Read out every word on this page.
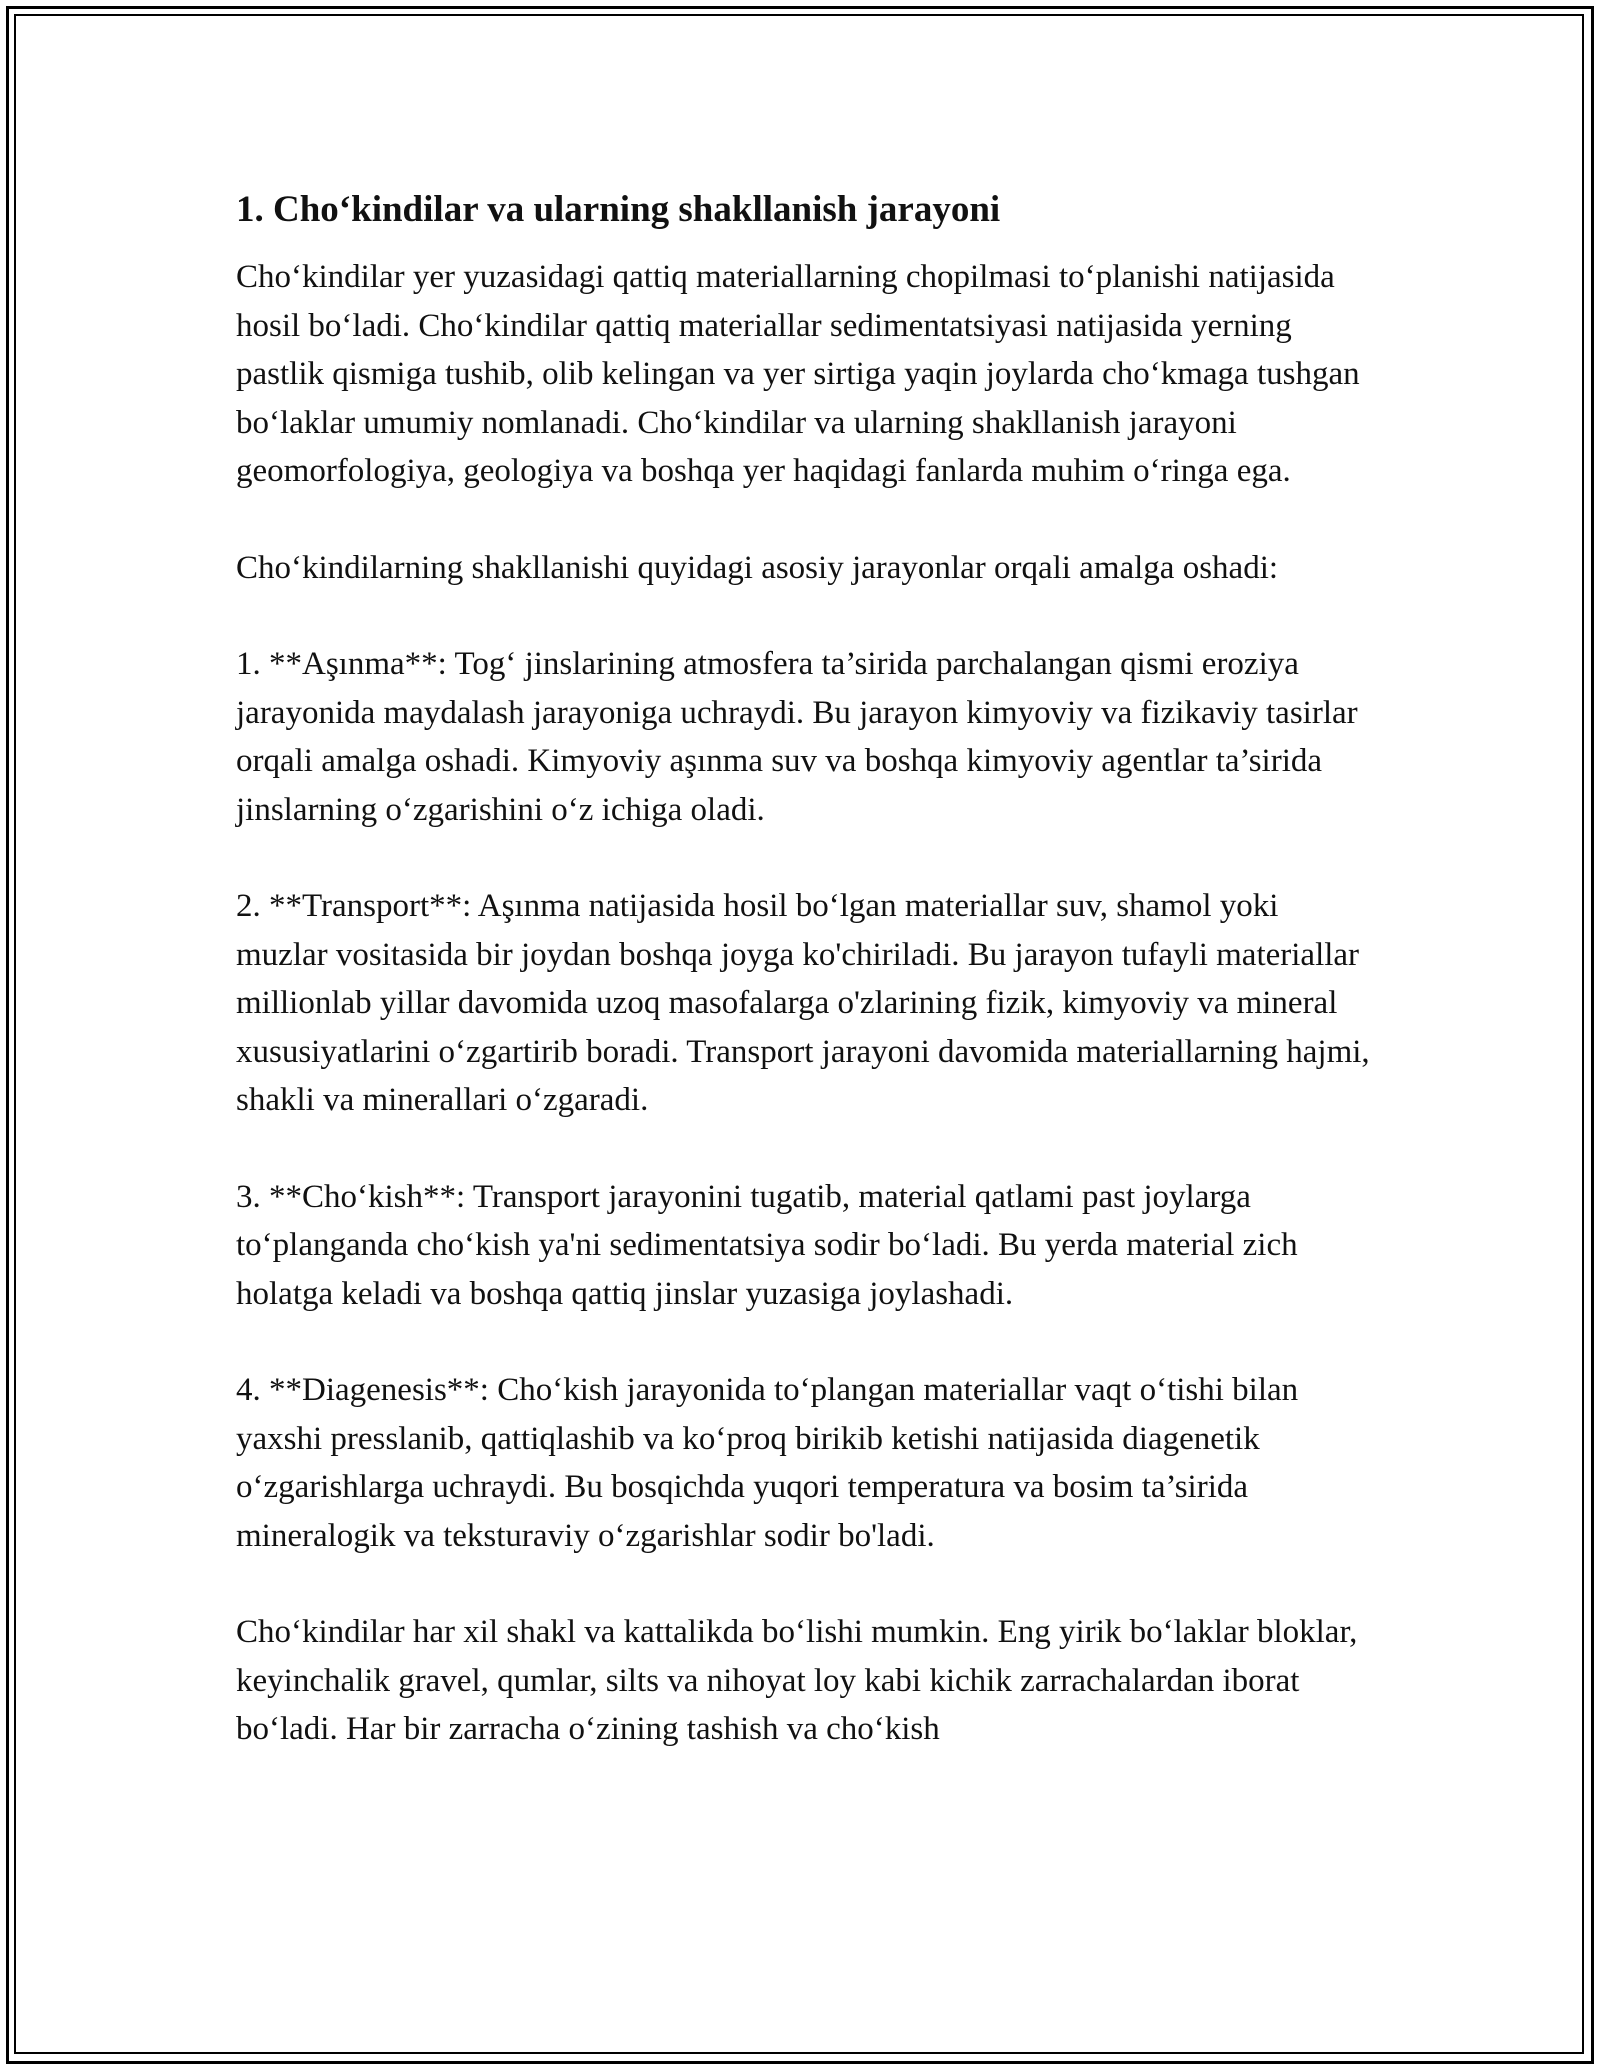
1. Cho‘kindilar va ularning shakllanish jarayoni

Cho‘kindilar yer yuzasidagi qattiq materiallarning chopilmasi to‘planishi natijasida hosil bo‘ladi. Cho‘kindilar qattiq materiallar sedimentatsiyasi natijasida yerning pastlik qismiga tushib, olib kelingan va yer sirtiga yaqin joylarda cho‘kmaga tushgan bo‘laklar umumiy nomlanadi. Cho‘kindilar va ularning shakllanish jarayoni geomorfologiya, geologiya va boshqa yer haqidagi fanlarda muhim o‘ringa ega.

Cho‘kindilarning shakllanishi quyidagi asosiy jarayonlar orqali amalga oshadi:

1. **Aşınma**: Tog‘ jinslarining atmosfera ta’sirida parchalangan qismi eroziya jarayonida maydalash jarayoniga uchraydi. Bu jarayon kimyoviy va fizikaviy tasirlar orqali amalga oshadi. Kimyoviy aşınma suv va boshqa kimyoviy agentlar ta’sirida jinslarning o‘zgarishini o‘z ichiga oladi.

2. **Transport**: Aşınma natijasida hosil bo‘lgan materiallar suv, shamol yoki muzlar vositasida bir joydan boshqa joyga ko'chiriladi. Bu jarayon tufayli materiallar millionlab yillar davomida uzoq masofalarga o'zlarining fizik, kimyoviy va mineral xususiyatlarini o‘zgartirib boradi. Transport jarayoni davomida materiallarning hajmi, shakli va minerallari o‘zgaradi.

3. **Cho‘kish**: Transport jarayonini tugatib, material qatlami past joylarga to‘planganda cho‘kish ya'ni sedimentatsiya sodir bo‘ladi. Bu yerda material zich holatga keladi va boshqa qattiq jinslar yuzasiga joylashadi.

4. **Diagenesis**: Cho‘kish jarayonida to‘plangan materiallar vaqt o‘tishi bilan yaxshi presslanib, qattiqlashib va ko‘proq birikib ketishi natijasida diagenetik o‘zgarishlarga uchraydi. Bu bosqichda yuqori temperatura va bosim ta’sirida mineralogik va teksturaviy o‘zgarishlar sodir bo'ladi.

Cho‘kindilar har xil shakl va kattalikda bo‘lishi mumkin. Eng yirik bo‘laklar bloklar, keyinchalik gravel, qumlar, silts va nihoyat loy kabi kichik zarrachalardan iborat bo‘ladi. Har bir zarracha o‘zining tashish va cho‘kish
